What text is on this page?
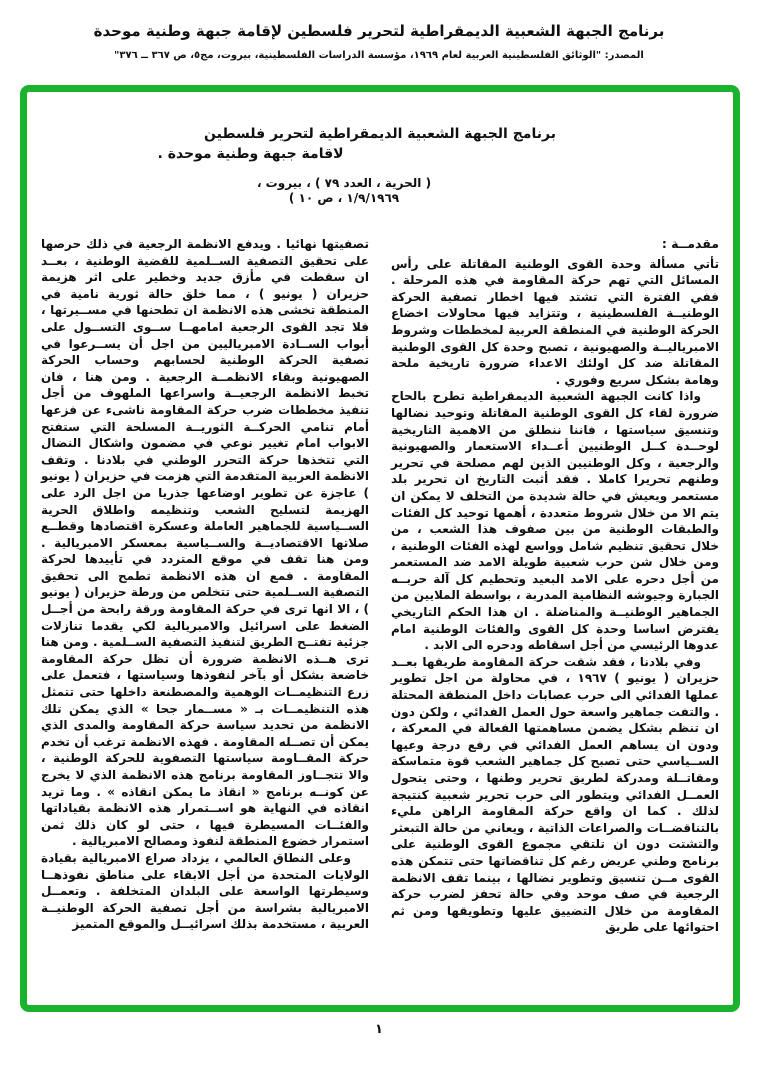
برنامج الجبهة الشعبية الديمقراطية لتحرير فلسطين لإقامة جبهة وطنية موحدة
المصدر: "الوثائق الفلسطينية العربية لعام ١٩٦٩، مؤسسة الدراسات الفلسطينية، بيروت، مج٥، ص ٣٦٧ ــ ٣٧٦"
برنامج الجبهة الشعبية الديمقراطية لتحرير فلسطين
لاقامة جبهة وطنية موحدة .
( الحرية ، العدد ٧٩ ) ، بيروت ،
١/٩/١٩٦٩ ، ص ١٠ )
مقدمــة :

تأتي مسألة وحدة القوى الوطنية المقاتلة على رأس المسائل التي تهم حركة المقاومة في هذه المرحلة . ففي الفترة التي تشتد فيها اخطار تصفية الحركة الوطنيــة الفلسطينية ، وتتزايد فيها محاولات اخضاع الحركة الوطنية في المنطقة العربية لمخططات وشروط الامبرياليــة والصهيونية ، تصبح وحدة كل القوى الوطنية المقاتلة ضد كل اولئك الاعداء ضرورة تاريخية ملحة وهامة بشكل سريع وفوري .

واذا كانت الجبهة الشعبية الديمقراطية تطرح بالحاح ضرورة لقاء كل القوى الوطنية المقاتلة وتوحيد نضالها وتنسيق سياستها ، فاننا ننطلق من الاهمية التاريخية لوحــدة كــل الوطنيين أعــداء الاستعمار والصهيونية والرجعية ، وكل الوطنيين الذين لهم مصلحة في تحرير وطنهم تحريرا كاملا . فقد أثبت التاريخ ان تحرير بلد مستعمر ويعيش في حالة شديدة من التخلف لا يمكن ان يتم الا من خلال شروط متعددة ، أهمها توحيد كل الفئات والطبقات الوطنية من بين صفوف هذا الشعب ، من خلال تحقيق تنظيم شامل وواسع لهذه الفئات الوطنية ، ومن خلال شن حرب شعبية طويلة الامد ضد المستعمر من أجل دحره على الامد البعيد وتحطيم كل آلة حربــه الجبارة وجيوشه النظامية المدربة ، بواسطة الملايين من الجماهير الوطنيــة والمناضلة . ان هذا الحكم التاريخي يفترض اساسا وحدة كل القوى والفئات الوطنية امام عدوها الرئيسي من أجل اسقاطه ودحره الى الابد .

وفي بلادنا ، فقد شقت حركة المقاومة طريقها بعــد حزيران ( يونيو ) ١٩٦٧ ، في محاولة من اجل تطوير عملها الفدائي الى حرب عصابات داخل المنطقة المحتلة . والتفت جماهير واسعة حول العمل الفدائي ، ولكن دون ان تنظم بشكل يضمن مساهمتها الفعالة في المعركة ، ودون ان يساهم العمل الفدائي في رفع درجة وعيها الســياسي حتى تصبح كل جماهير الشعب قوة متماسكة ومقاتــلة ومدركة لطريق تحرير وطنها ، وحتى يتحول العمــل الفدائي ويتطور الى حرب تحرير شعبية كنتيجة لذلك . كما ان واقع حركة المقاومة الراهن مليء بالتناقضــات والصراعات الذاتية ، ويعاني من حالة التبعثر والتشتت دون ان تلتقي مجموع القوى الوطنية على برنامج وطني عريض رغم كل تناقضاتها حتى تتمكن هذه القوى مــن تنسيق وتطوير نضالها ، بينما تقف الانظمة الرجعية في صف موحد وفي حالة تحفز لضرب حركة المقاومة من خلال التضييق عليها وتطويقها ومن ثم احتوائها على طريق

تصفيتها نهائيا . ويدفع الانظمة الرجعية في ذلك حرصها على تحقيق التصفية الســلمية للقضية الوطنية ، بعــد ان سقطت في مأزق جديد وخطير على اثر هزيمة حزيران ( يونيو ) ، مما خلق حالة ثورية نامية في المنطقة تخشى هذه الانظمة ان تطحنها في مســيرتها ، فلا تجد القوى الرجعية امامهــا ســوى التســول على أبواب الســادة الامبرياليين من اجل أن يســرعوا في تصفية الحركة الوطنية لحسابهم وحساب الحركة الصهيونية وبقاء الانظمــة الرجعية . ومن هنا ، فان تخبط الانظمة الرجعيــة واسراعها الملهوف من أجل تنفيذ مخططات ضرب حركة المقاومة ناشىء عن فزعها أمام تنامي الحركــة الثوريــة المسلحة التي ستفتح الابواب امام تغيير نوعي في مضمون واشكال النضال التي تتخذها حركة التحرر الوطني في بلادنا . وتقف الانظمة العربية المتقدمة التي هزمت في حزيران ( يونيو ) عاجزة عن تطوير اوضاعها جذريا من اجل الرد على الهزيمة لتسليح الشعب وتنظيمه واطلاق الحرية الســياسية للجماهير العاملة وعسكرة اقتصادها وقطــع صلاتها الاقتصاديــة والســياسية بمعسكر الامبريالية . ومن هنا تقف في موقع المتردد في تأييدها لحركة المقاومة . فمع ان هذه الانظمة تطمح الى تحقيق التصفية الســلمية حتى تتخلص من ورطة حزيران ( يونيو ) ، الا انها ترى في حركة المقاومة ورقة رابحة من أجــل الضغط على اسرائيل والامبريالية لكي يقدما تنازلات جزئية تفتــح الطريق لتنفيذ التصفية الســلمية . ومن هنا ترى هــذه الانظمة ضرورة أن تظل حركة المقاومة خاضعة بشكل أو بآخر لنفوذها وسياستها ، فتعمل على زرع التنظيمــات الوهمية والمصطنعة داخلها حتى تتمثل هذه التنظيمــات بـ « مســمار جحا » الذي يمكن تلك الانظمة من تحديد سياسة حركة المقاومة والمدى الذي يمكن أن تصــله المقاومة . فهذه الانظمة ترغب أن تخدم حركة المقــاومة سياستها التصفوية للحركة الوطنية ، والا تتجــاوز المقاومة برنامج هذه الانظمة الذي لا يخرج عن كونــه برنامج « انقاذ ما يمكن انقاذه » . وما تريد انقاذه في النهاية هو اســتمرار هذه الانظمة بقياداتها والفئــات المسيطرة فيها ، حتى لو كان ذلك ثمن استمرار خضوع المنطقة لنفوذ ومصالح الامبريالية .

وعلى النطاق العالمي ، يزداد صراع الامبريالية بقيادة الولايات المتحدة من أجل الابقاء على مناطق نفوذهــا وسيطرتها الواسعة على البلدان المتخلفة . وتعمــل الامبريالية بشراسة من أجل تصفية الحركة الوطنيــة العربية ، مستخدمة بذلك اسرائيــل والموقع المتميز

١
